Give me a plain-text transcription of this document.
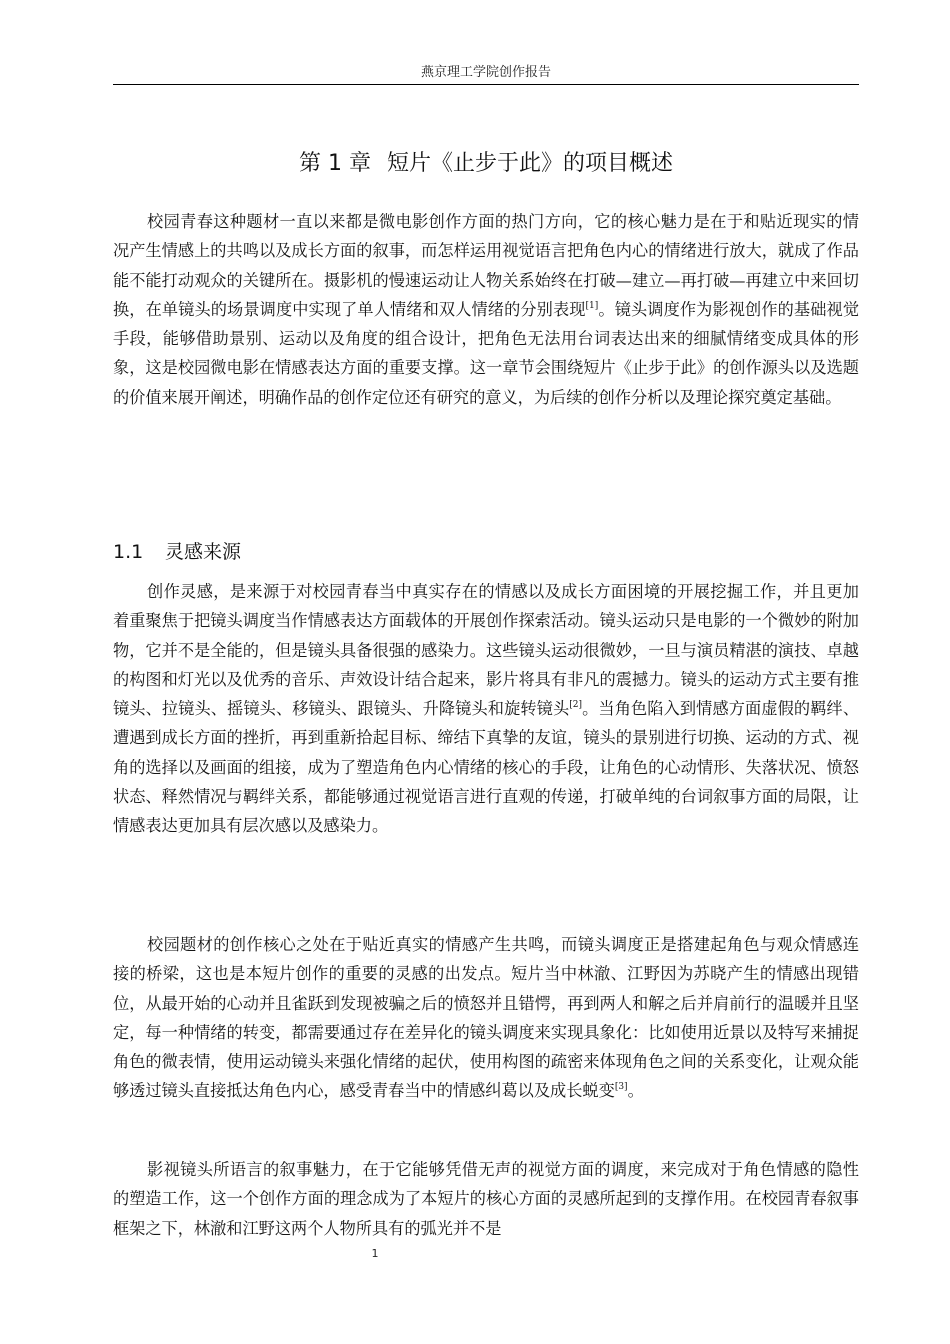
燕京理工学院创作报告
第 1 章 短片《止步于此》的项目概述

校园青春这种题材一直以来都是微电影创作方面的热门方向，它的核心魅力是在于和贴近现实的情况产生情感上的共鸣以及成长方面的叙事，而怎样运用视觉语言把角色内心的情绪进行放大，就成了作品能不能打动观众的关键所在。摄影机的慢速运动让人物关系始终在打破—建立—再打破—再建立中来回切换，在单镜头的场景调度中实现了单人情绪和双人情绪的分别表现[1]。镜头调度作为影视创作的基础视觉手段，能够借助景别、运动以及角度的组合设计，把角色无法用台词表达出来的细腻情绪变成具体的形象，这是校园微电影在情感表达方面的重要支撑。这一章节会围绕短片《止步于此》的创作源头以及选题的价值来展开阐述，明确作品的创作定位还有研究的意义，为后续的创作分析以及理论探究奠定基础。

1.1 灵感来源

创作灵感，是来源于对校园青春当中真实存在的情感以及成长方面困境的开展挖掘工作，并且更加着重聚焦于把镜头调度当作情感表达方面载体的开展创作探索活动。镜头运动只是电影的一个微妙的附加物，它并不是全能的，但是镜头具备很强的感染力。这些镜头运动很微妙，一旦与演员精湛的演技、卓越的构图和灯光以及优秀的音乐、声效设计结合起来，影片将具有非凡的震撼力。镜头的运动方式主要有推镜头、拉镜头、摇镜头、移镜头、跟镜头、升降镜头和旋转镜头[2]。当角色陷入到情感方面虚假的羁绊、遭遇到成长方面的挫折，再到重新拾起目标、缔结下真挚的友谊，镜头的景别进行切换、运动的方式、视角的选择以及画面的组接，成为了塑造角色内心情绪的核心的手段，让角色的心动情形、失落状况、愤怒状态、释然情况与羁绊关系，都能够通过视觉语言进行直观的传递，打破单纯的台词叙事方面的局限，让情感表达更加具有层次感以及感染力。

校园题材的创作核心之处在于贴近真实的情感产生共鸣，而镜头调度正是搭建起角色与观众情感连接的桥梁，这也是本短片创作的重要的灵感的出发点。短片当中林澈、江野因为苏晓产生的情感出现错位，从最开始的心动并且雀跃到发现被骗之后的愤怒并且错愕，再到两人和解之后并肩前行的温暖并且坚定，每一种情绪的转变，都需要通过存在差异化的镜头调度来实现具象化：比如使用近景以及特写来捕捉角色的微表情，使用运动镜头来强化情绪的起伏，使用构图的疏密来体现角色之间的关系变化，让观众能够透过镜头直接抵达角色内心，感受青春当中的情感纠葛以及成长蜕变[3]。

影视镜头所语言的叙事魅力，在于它能够凭借无声的视觉方面的调度，来完成对于角色情感的隐性的塑造工作，这一个创作方面的理念成为了本短片的核心方面的灵感所起到的支撑作用。在校园青春叙事框架之下，林澈和江野这两个人物所具有的弧光并不是

1
